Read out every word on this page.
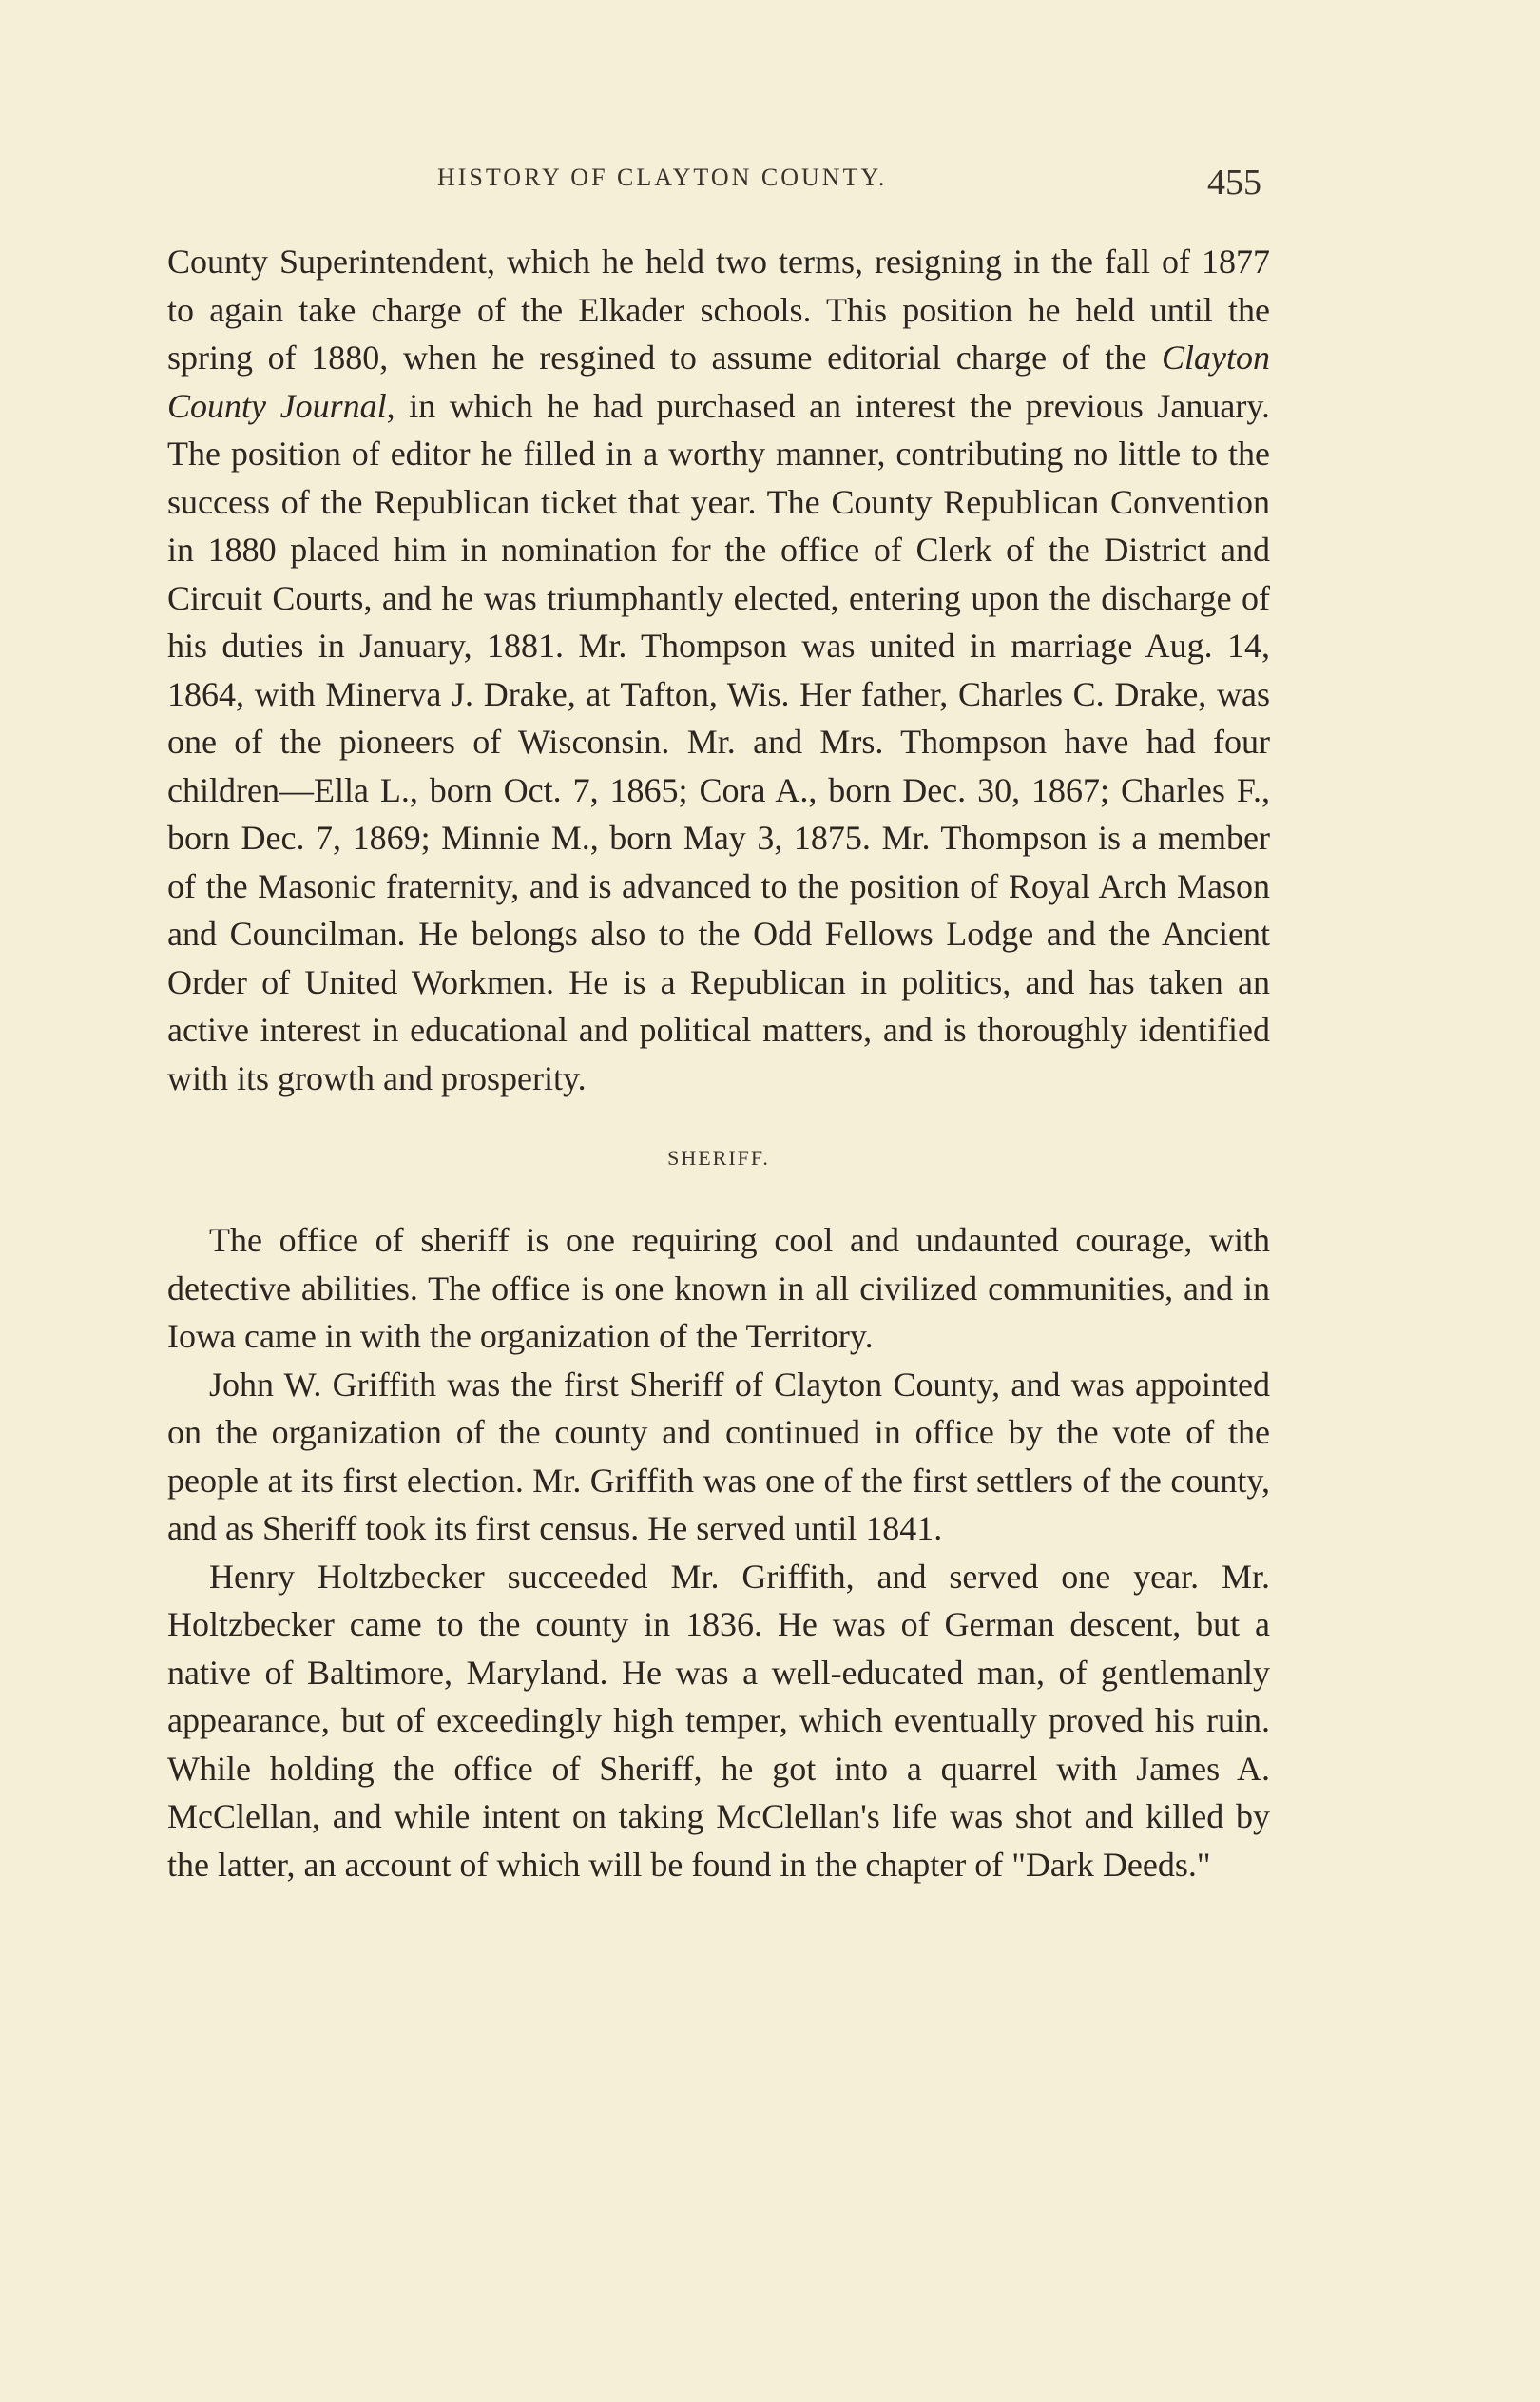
HISTORY OF CLAYTON COUNTY.	455

County Superintendent, which he held two terms, resigning in the fall of 1877 to again take charge of the Elkader schools. This position he held until the spring of 1880, when he resgined to assume editorial charge of the Clayton County Journal, in which he had purchased an interest the previous January. The position of editor he filled in a worthy manner, contributing no little to the success of the Republican ticket that year. The County Republican Convention in 1880 placed him in nomination for the office of Clerk of the District and Circuit Courts, and he was triumphantly elected, entering upon the discharge of his duties in January, 1881. Mr. Thompson was united in marriage Aug. 14, 1864, with Minerva J. Drake, at Tafton, Wis. Her father, Charles C. Drake, was one of the pioneers of Wisconsin. Mr. and Mrs. Thompson have had four children—Ella L., born Oct. 7, 1865; Cora A., born Dec. 30, 1867; Charles F., born Dec. 7, 1869; Minnie M., born May 3, 1875. Mr. Thompson is a member of the Masonic fraternity, and is advanced to the position of Royal Arch Mason and Councilman. He belongs also to the Odd Fellows Lodge and the Ancient Order of United Workmen. He is a Republican in politics, and has taken an active interest in educational and political matters, and is thoroughly identified with its growth and prosperity.

SHERIFF.

The office of sheriff is one requiring cool and undaunted courage, with detective abilities. The office is one known in all civilized communities, and in Iowa came in with the organization of the Territory.

John W. Griffith was the first Sheriff of Clayton County, and was appointed on the organization of the county and continued in office by the vote of the people at its first election. Mr. Griffith was one of the first settlers of the county, and as Sheriff took its first census. He served until 1841.

Henry Holtzbecker succeeded Mr. Griffith, and served one year. Mr. Holtzbecker came to the county in 1836. He was of German descent, but a native of Baltimore, Maryland. He was a well-educated man, of gentlemanly appearance, but of exceedingly high temper, which eventually proved his ruin. While holding the office of Sheriff, he got into a quarrel with James A. McClellan, and while intent on taking McClellan's life was shot and killed by the latter, an account of which will be found in the chapter of "Dark Deeds."
